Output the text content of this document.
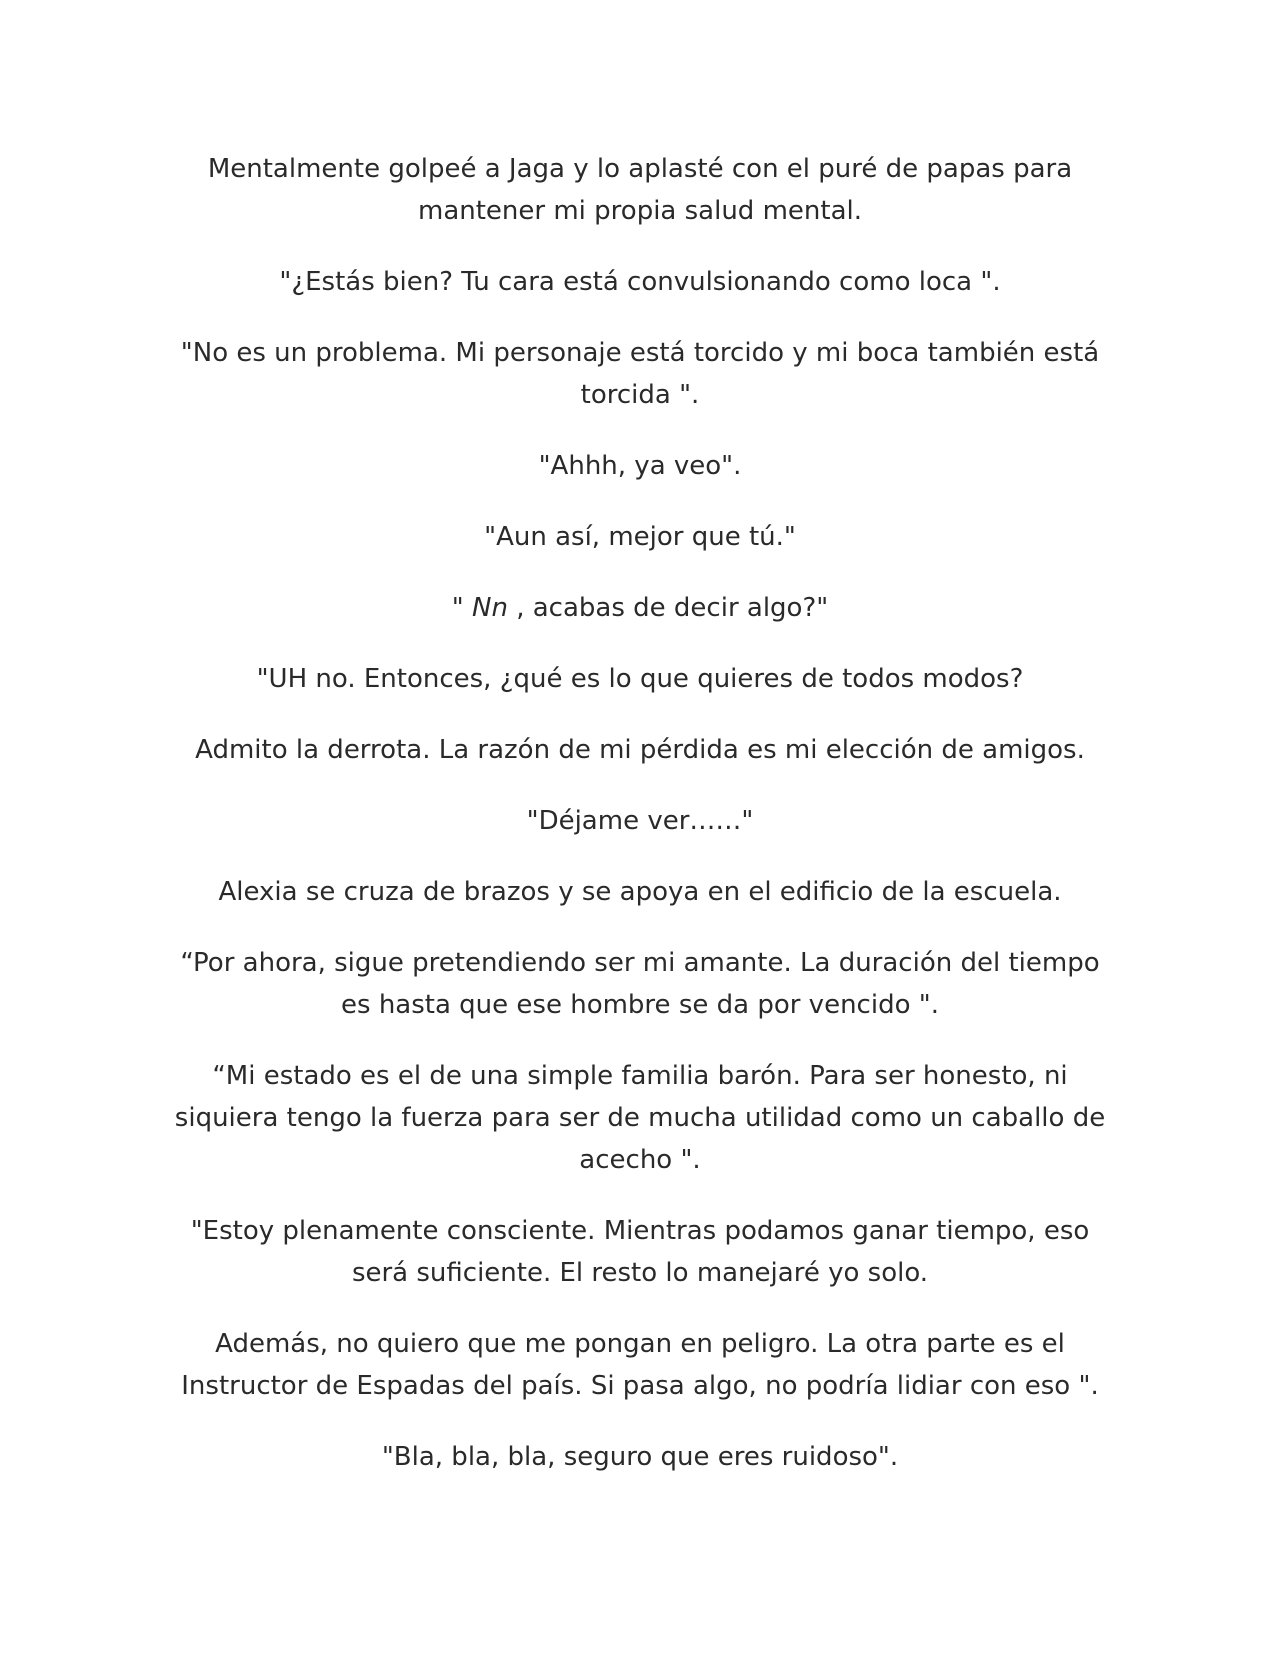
Mentalmente golpeé a Jaga y lo aplasté con el puré de papas para mantener mi propia salud mental.

"¿Estás bien? Tu cara está convulsionando como loca ".

"No es un problema. Mi personaje está torcido y mi boca también está torcida ".

"Ahhh, ya veo".

"Aun así, mejor que tú."

" Nn , acabas de decir algo?"

"UH no. Entonces, ¿qué es lo que quieres de todos modos?

Admito la derrota. La razón de mi pérdida es mi elección de amigos.

"Déjame ver……"

Alexia se cruza de brazos y se apoya en el edificio de la escuela.

“Por ahora, sigue pretendiendo ser mi amante. La duración del tiempo es hasta que ese hombre se da por vencido ".

“Mi estado es el de una simple familia barón. Para ser honesto, ni siquiera tengo la fuerza para ser de mucha utilidad como un caballo de acecho ".

"Estoy plenamente consciente. Mientras podamos ganar tiempo, eso será suficiente. El resto lo manejaré yo solo.

Además, no quiero que me pongan en peligro. La otra parte es el Instructor de Espadas del país. Si pasa algo, no podría lidiar con eso ".

"Bla, bla, bla, seguro que eres ruidoso".
